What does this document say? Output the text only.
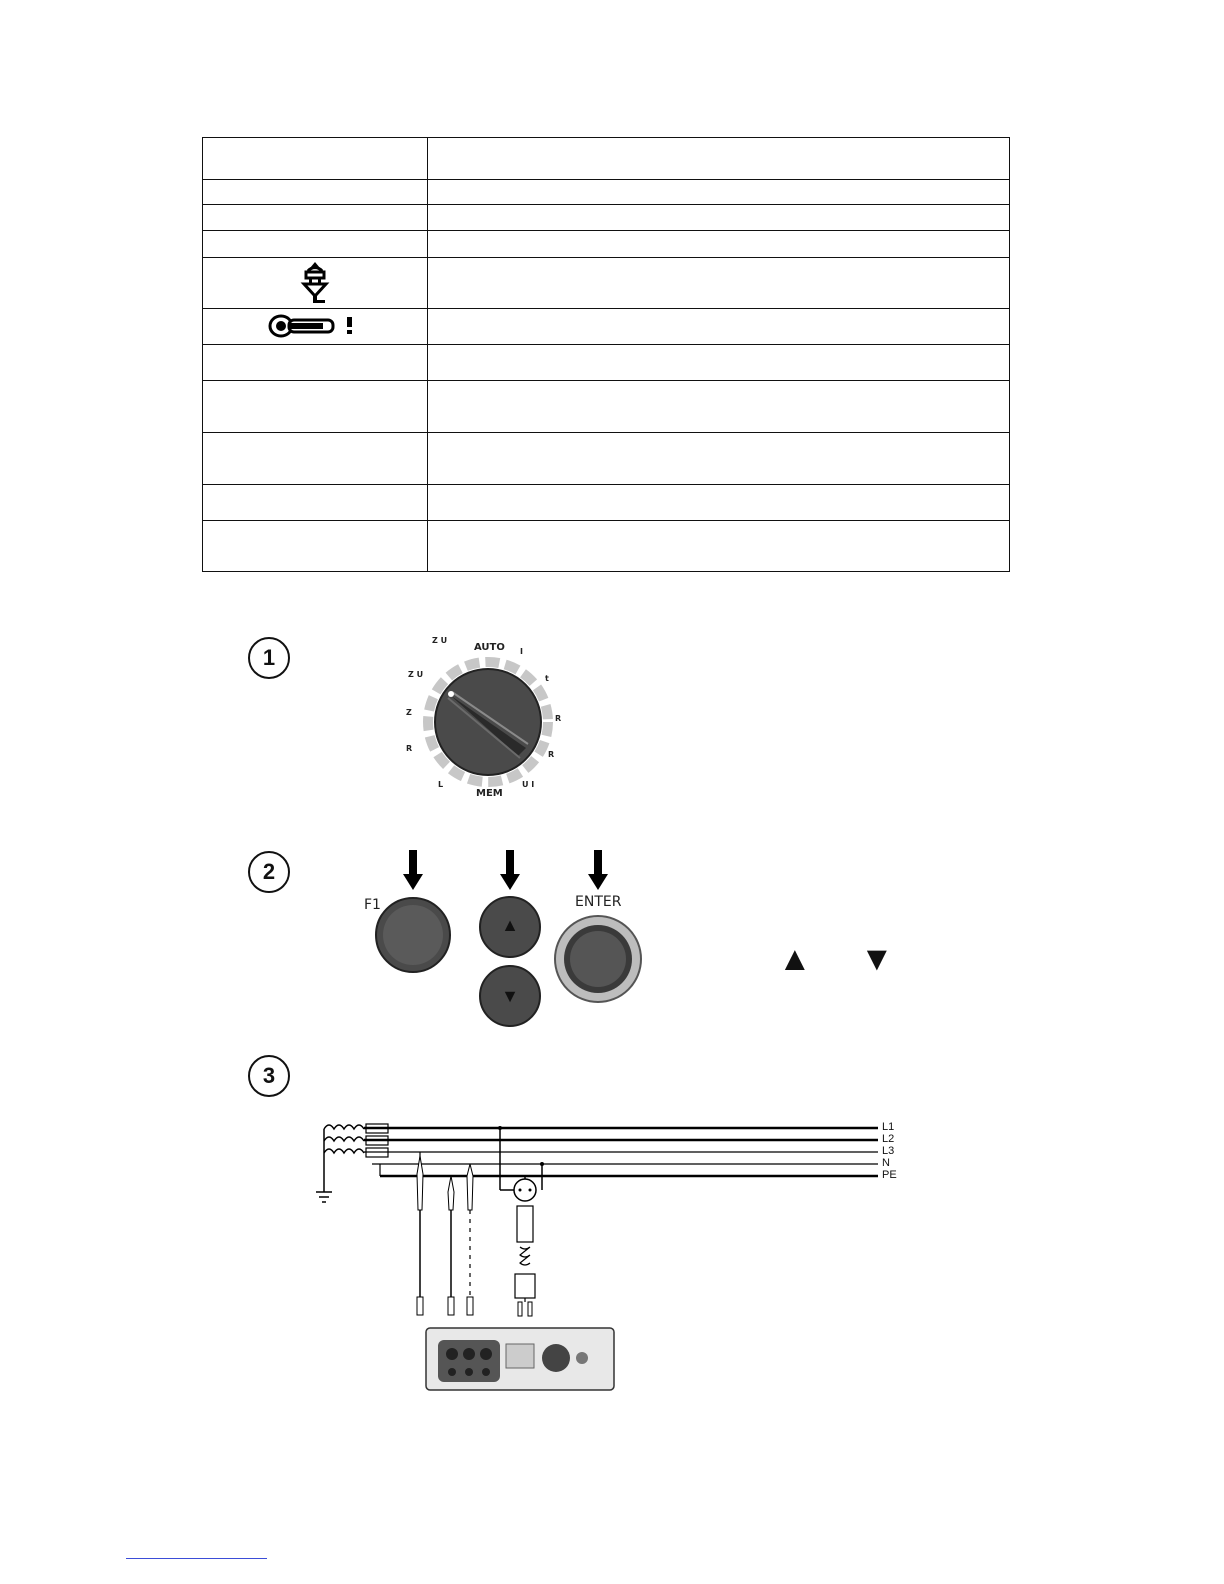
1
2
3
AUTO
MEM
Z U
I
t
R
R
U I
L
R
Z
Z U
F1	ENTER
▲
▼
▲ ▼
L1
L2
L3
N
PE
